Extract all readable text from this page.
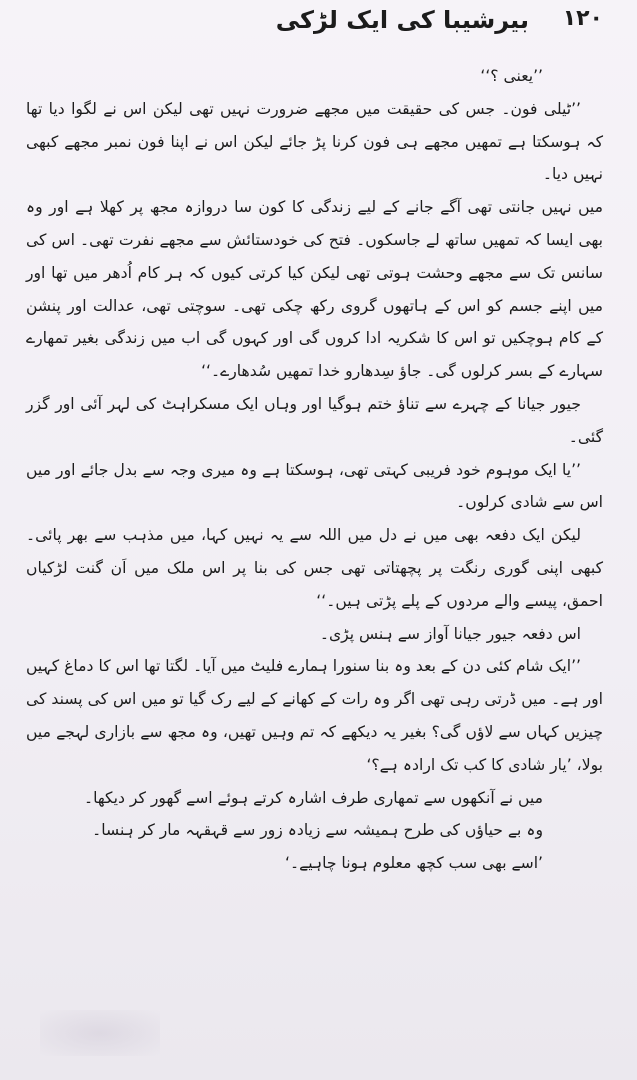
۱۲۰
بیرشیبا کی ایک لڑکی

’’یعنی ؟‘‘

’’ٹیلی فون۔ جس کی حقیقت میں مجھے ضرورت نہیں تھی لیکن اس نے لگوا دیا تھا کہ ہوسکتا ہے تمھیں مجھے ہی فون کرنا پڑ جائے لیکن اس نے اپنا فون نمبر مجھے کبھی نہیں دیا۔

میں نہیں جانتی تھی آگے جانے کے لیے زندگی کا کون سا دروازہ مجھ پر کھلا ہے اور وہ بھی ایسا کہ تمھیں ساتھ لے جاسکوں۔ فتح کی خودستائش سے مجھے نفرت تھی۔ اس کی سانس تک سے مجھے وحشت ہوتی تھی لیکن کیا کرتی کیوں کہ ہر کام اُدھر میں تھا اور میں اپنے جسم کو اس کے ہاتھوں گروی رکھ چکی تھی۔ سوچتی تھی، عدالت اور پنشن کے کام ہوچکیں تو اس کا شکریہ ادا کروں گی اور کہوں گی اب میں زندگی بغیر تمھارے سہارے کے بسر کرلوں گی۔ جاؤ سِدھارو خدا تمھیں سُدھارے۔‘‘

جیور جیانا کے چہرے سے تناؤ ختم ہوگیا اور وہاں ایک مسکراہٹ کی لہر آئی اور گزر گئی۔

’’یا ایک موہوم خود فریبی کہتی تھی، ہوسکتا ہے وہ میری وجہ سے بدل جائے اور میں اس سے شادی کرلوں۔

لیکن ایک دفعہ بھی میں نے دل میں اللہ سے یہ نہیں کہا، میں مذہب سے بھر پائی۔ کبھی اپنی گوری رنگت پر پچھتاتی تھی جس کی بنا پر اس ملک میں اَن گنت لڑکیاں احمق، پیسے والے مردوں کے پلے پڑتی ہیں۔‘‘

اس دفعہ جیور جیانا آواز سے ہنس پڑی۔

’’ایک شام کئی دن کے بعد وہ بنا سنورا ہمارے فلیٹ میں آیا۔ لگتا تھا اس کا دماغ کہیں اور ہے۔ میں ڈرتی رہی تھی اگر وہ رات کے کھانے کے لیے رک گیا تو میں اس کی پسند کی چیزیں کہاں سے لاؤں گی؟ بغیر یہ دیکھے کہ تم وہیں تھیں، وہ مجھ سے بازاری لہجے میں بولا، ’یار شادی کا کب تک ارادہ ہے؟‘

میں نے آنکھوں سے تمھاری طرف اشارہ کرتے ہوئے اسے گھور کر دیکھا۔

وہ بے حیاؤں کی طرح ہمیشہ سے زیادہ زور سے قہقہہ مار کر ہنسا۔

’اسے بھی سب کچھ معلوم ہونا چاہیے۔‘
